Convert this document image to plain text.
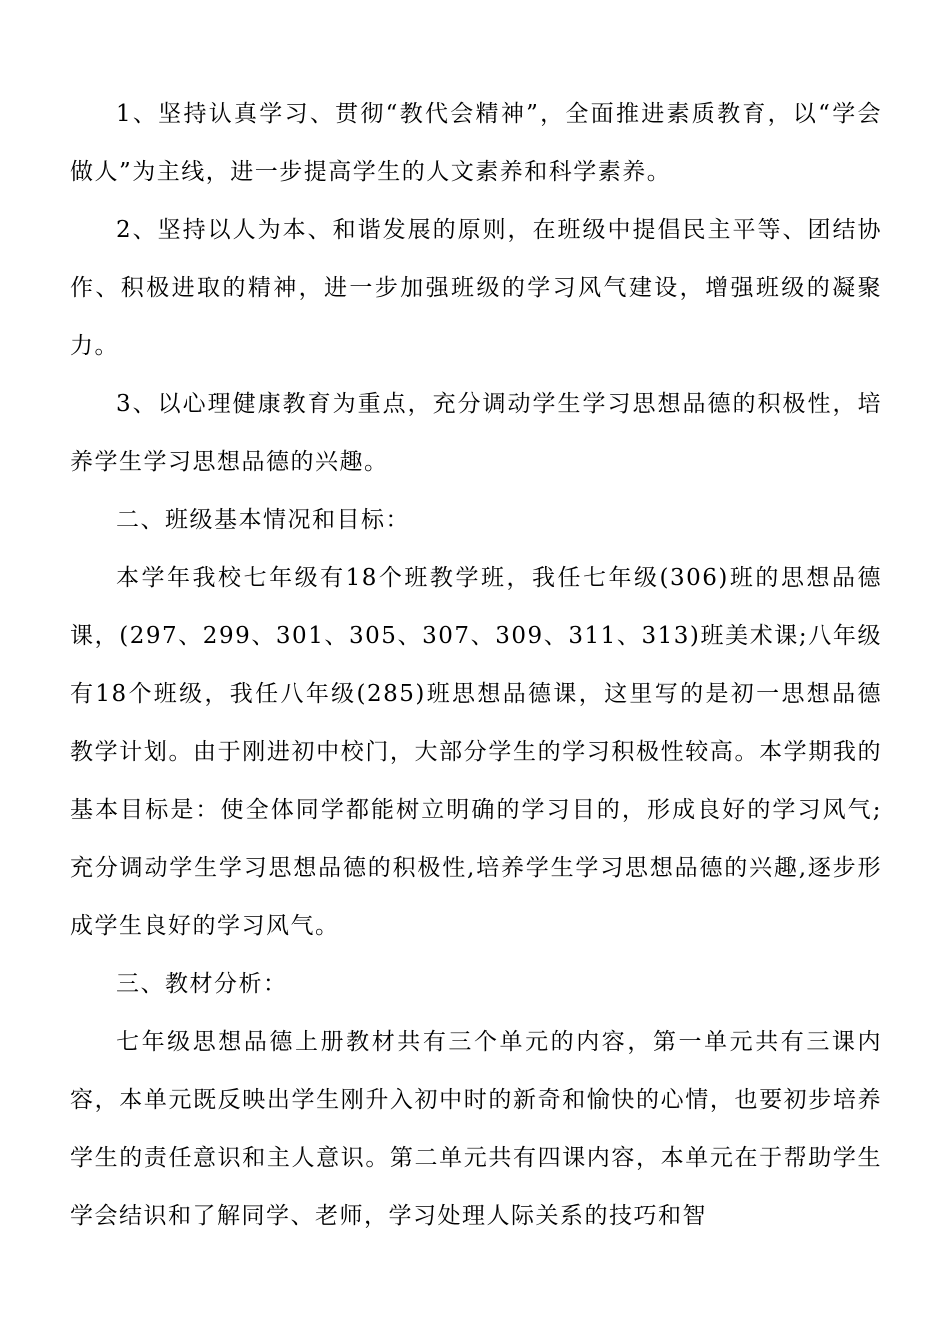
1、坚持认真学习、贯彻“教代会精神”，全面推进素质教育，以“学会做人”为主线，进一步提高学生的人文素养和科学素养。

2、坚持以人为本、和谐发展的原则，在班级中提倡民主平等、团结协作、积极进取的精神，进一步加强班级的学习风气建设，增强班级的凝聚力。

3、以心理健康教育为重点，充分调动学生学习思想品德的积极性，培养学生学习思想品德的兴趣。

二、班级基本情况和目标：

本学年我校七年级有18个班教学班，我任七年级(306)班的思想品德课，(297、299、301、305、307、309、311、313)班美术课;八年级有18个班级，我任八年级(285)班思想品德课，这里写的是初一思想品德教学计划。由于刚进初中校门，大部分学生的学习积极性较高。本学期我的基本目标是：使全体同学都能树立明确的学习目的，形成良好的学习风气;充分调动学生学习思想品德的积极性,培养学生学习思想品德的兴趣,逐步形成学生良好的学习风气。

三、教材分析：

七年级思想品德上册教材共有三个单元的内容，第一单元共有三课内容，本单元既反映出学生刚升入初中时的新奇和愉快的心情，也要初步培养学生的责任意识和主人意识。第二单元共有四课内容，本单元在于帮助学生学会结识和了解同学、老师，学习处理人际关系的技巧和智
